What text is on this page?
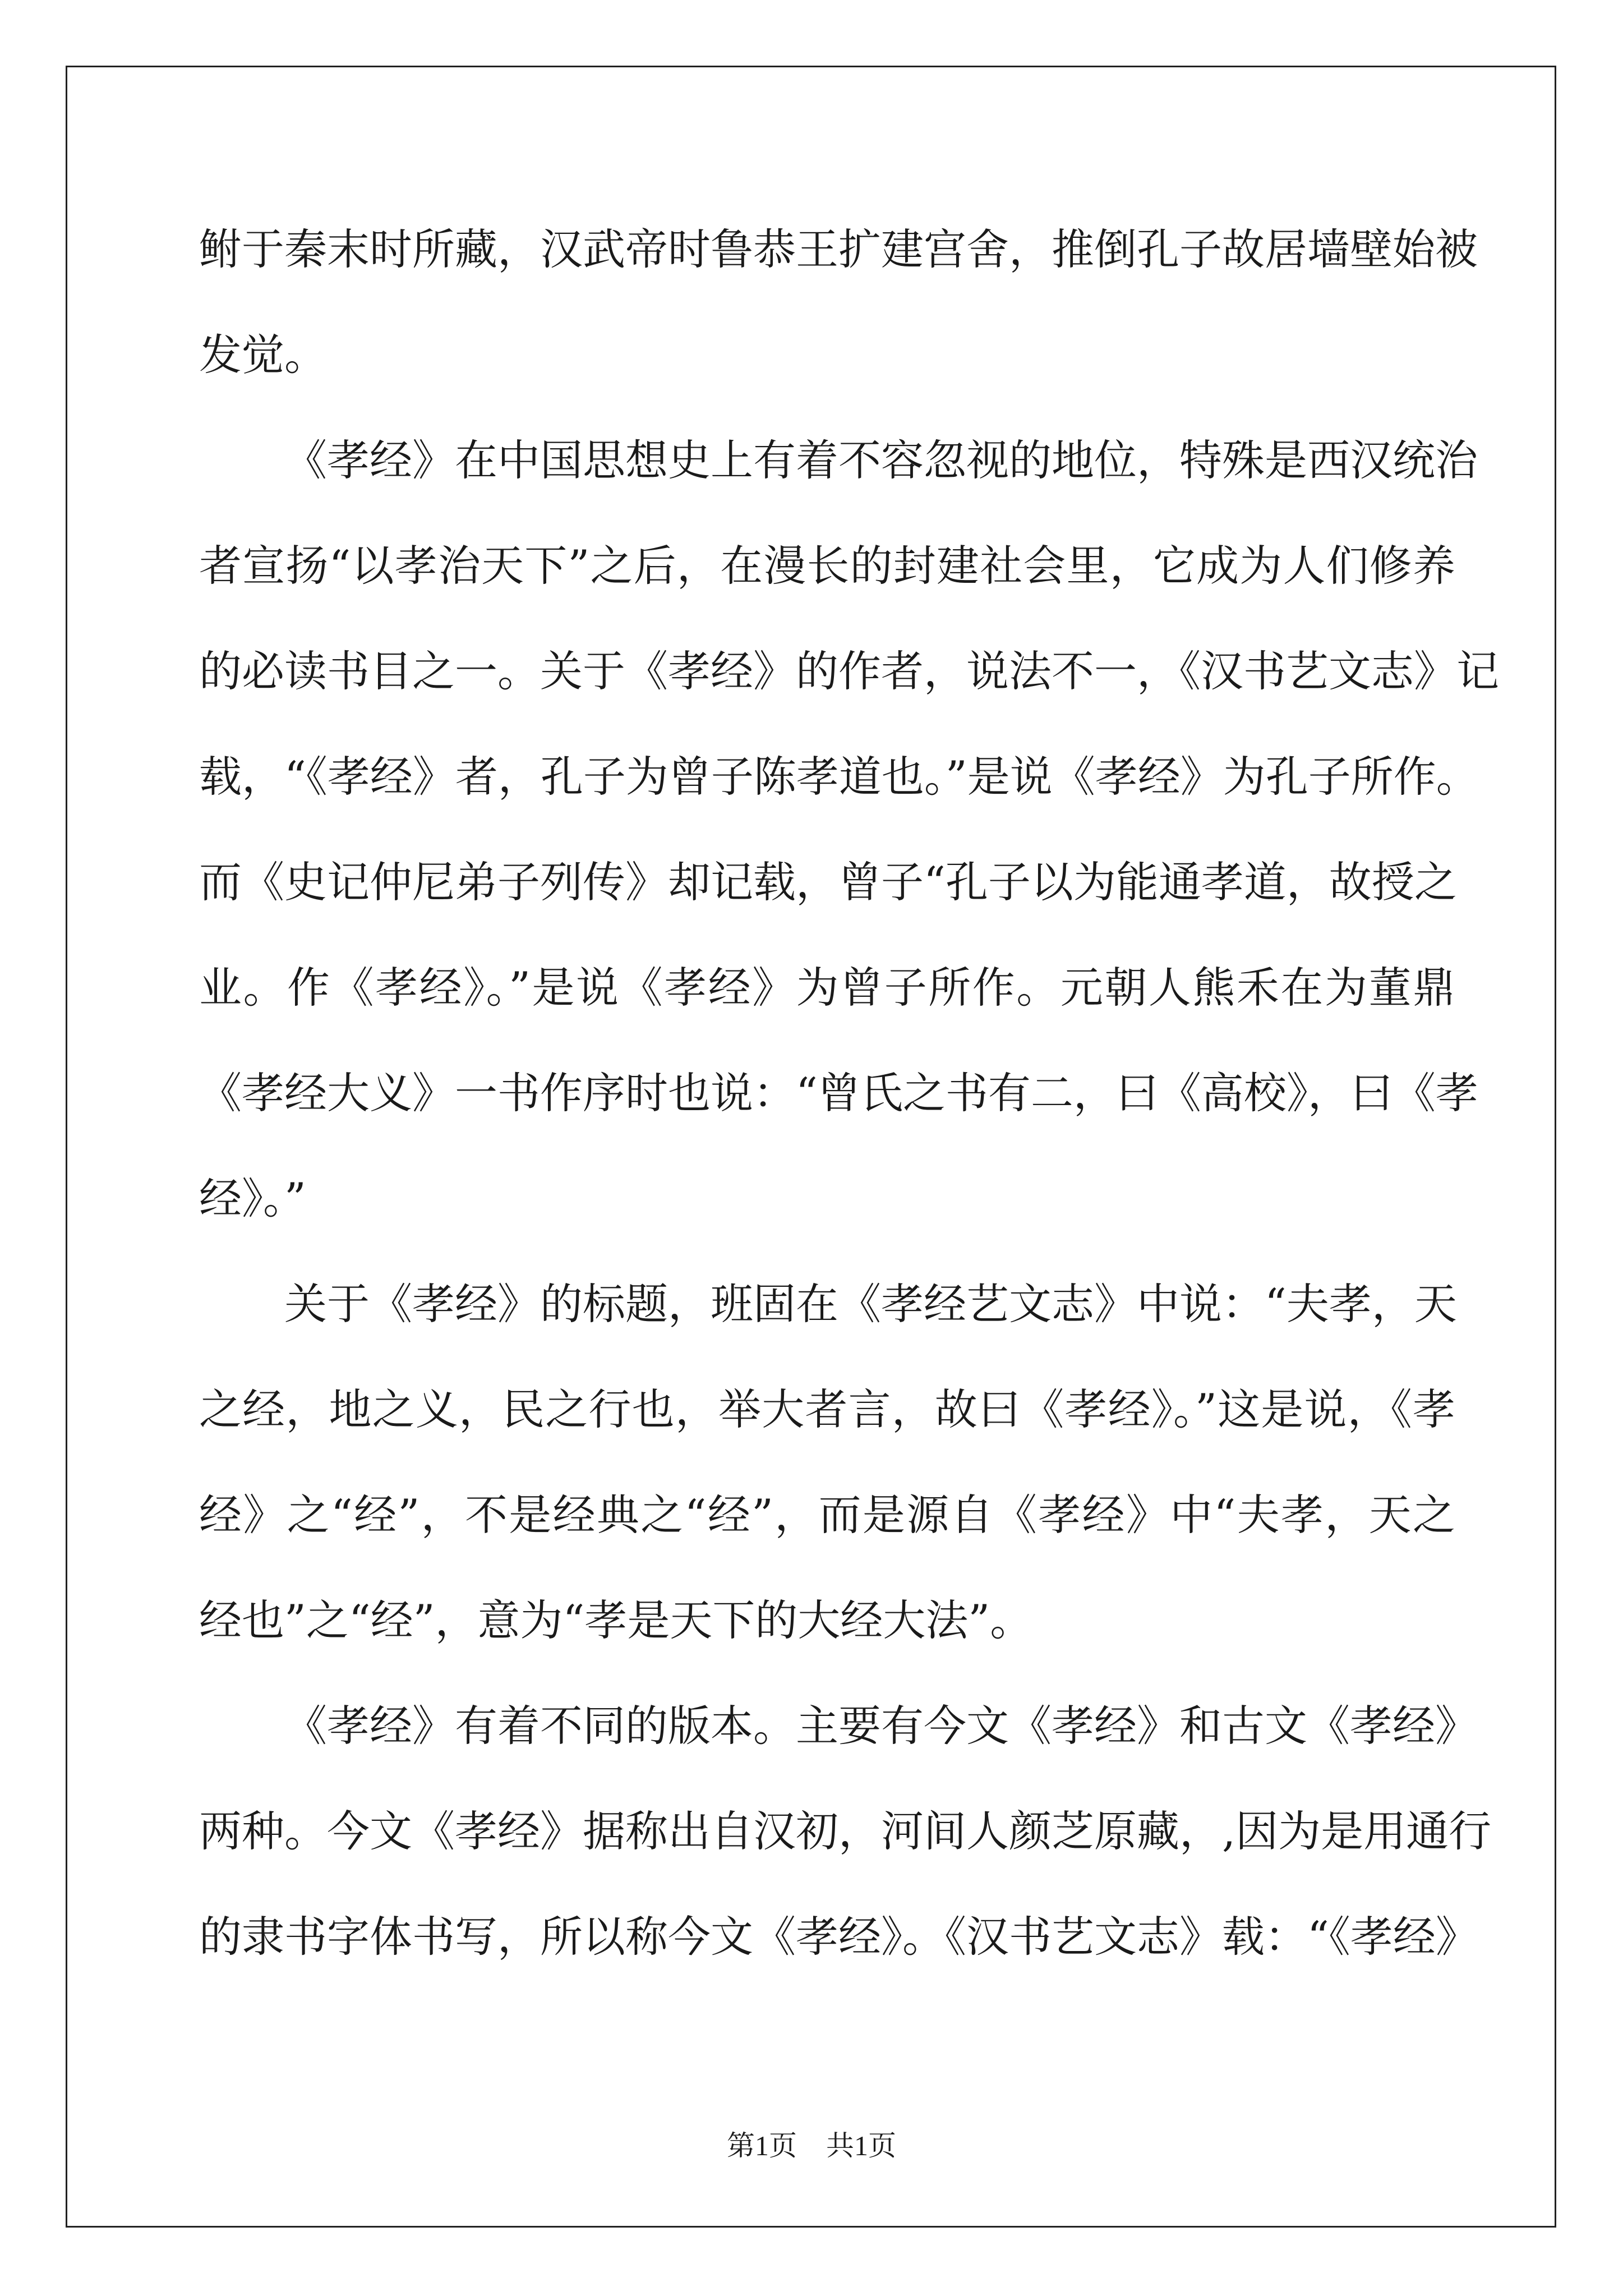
鲋于秦末时所藏，汉武帝时鲁恭王扩建宫舍，推倒孔子故居墙壁始被
发觉。
《孝经》在中国思想史上有着不容忽视的地位，特殊是西汉统治
者宣扬“以孝治天下”之后，在漫长的封建社会里，它成为人们修养
的必读书目之一。关于《孝经》的作者，说法不一，《汉书艺文志》记
载，“《孝经》者，孔子为曾子陈孝道也。”是说《孝经》为孔子所作。
而《史记仲尼弟子列传》却记载，曾子“孔子以为能通孝道，故授之
业。作《孝经》。”是说《孝经》为曾子所作。元朝人熊禾在为董鼎
《孝经大义》一书作序时也说：“曾氏之书有二，曰《高校》，曰《孝
经》。”
关于《孝经》的标题，班固在《孝经艺文志》中说：“夫孝，天
之经，地之义，民之行也，举大者言，故曰《孝经》。”这是说，《孝
经》之“经”，不是经典之“经”，而是源自《孝经》中“夫孝，天之
经也”之“经”，意为“孝是天下的大经大法”。
《孝经》有着不同的版本。主要有今文《孝经》和古文《孝经》
两种。今文《孝经》据称出自汉初，河间人颜芝原藏，,因为是用通行
的隶书字体书写，所以称今文《孝经》。《汉书艺文志》载：“《孝经》
第1页 共1页
